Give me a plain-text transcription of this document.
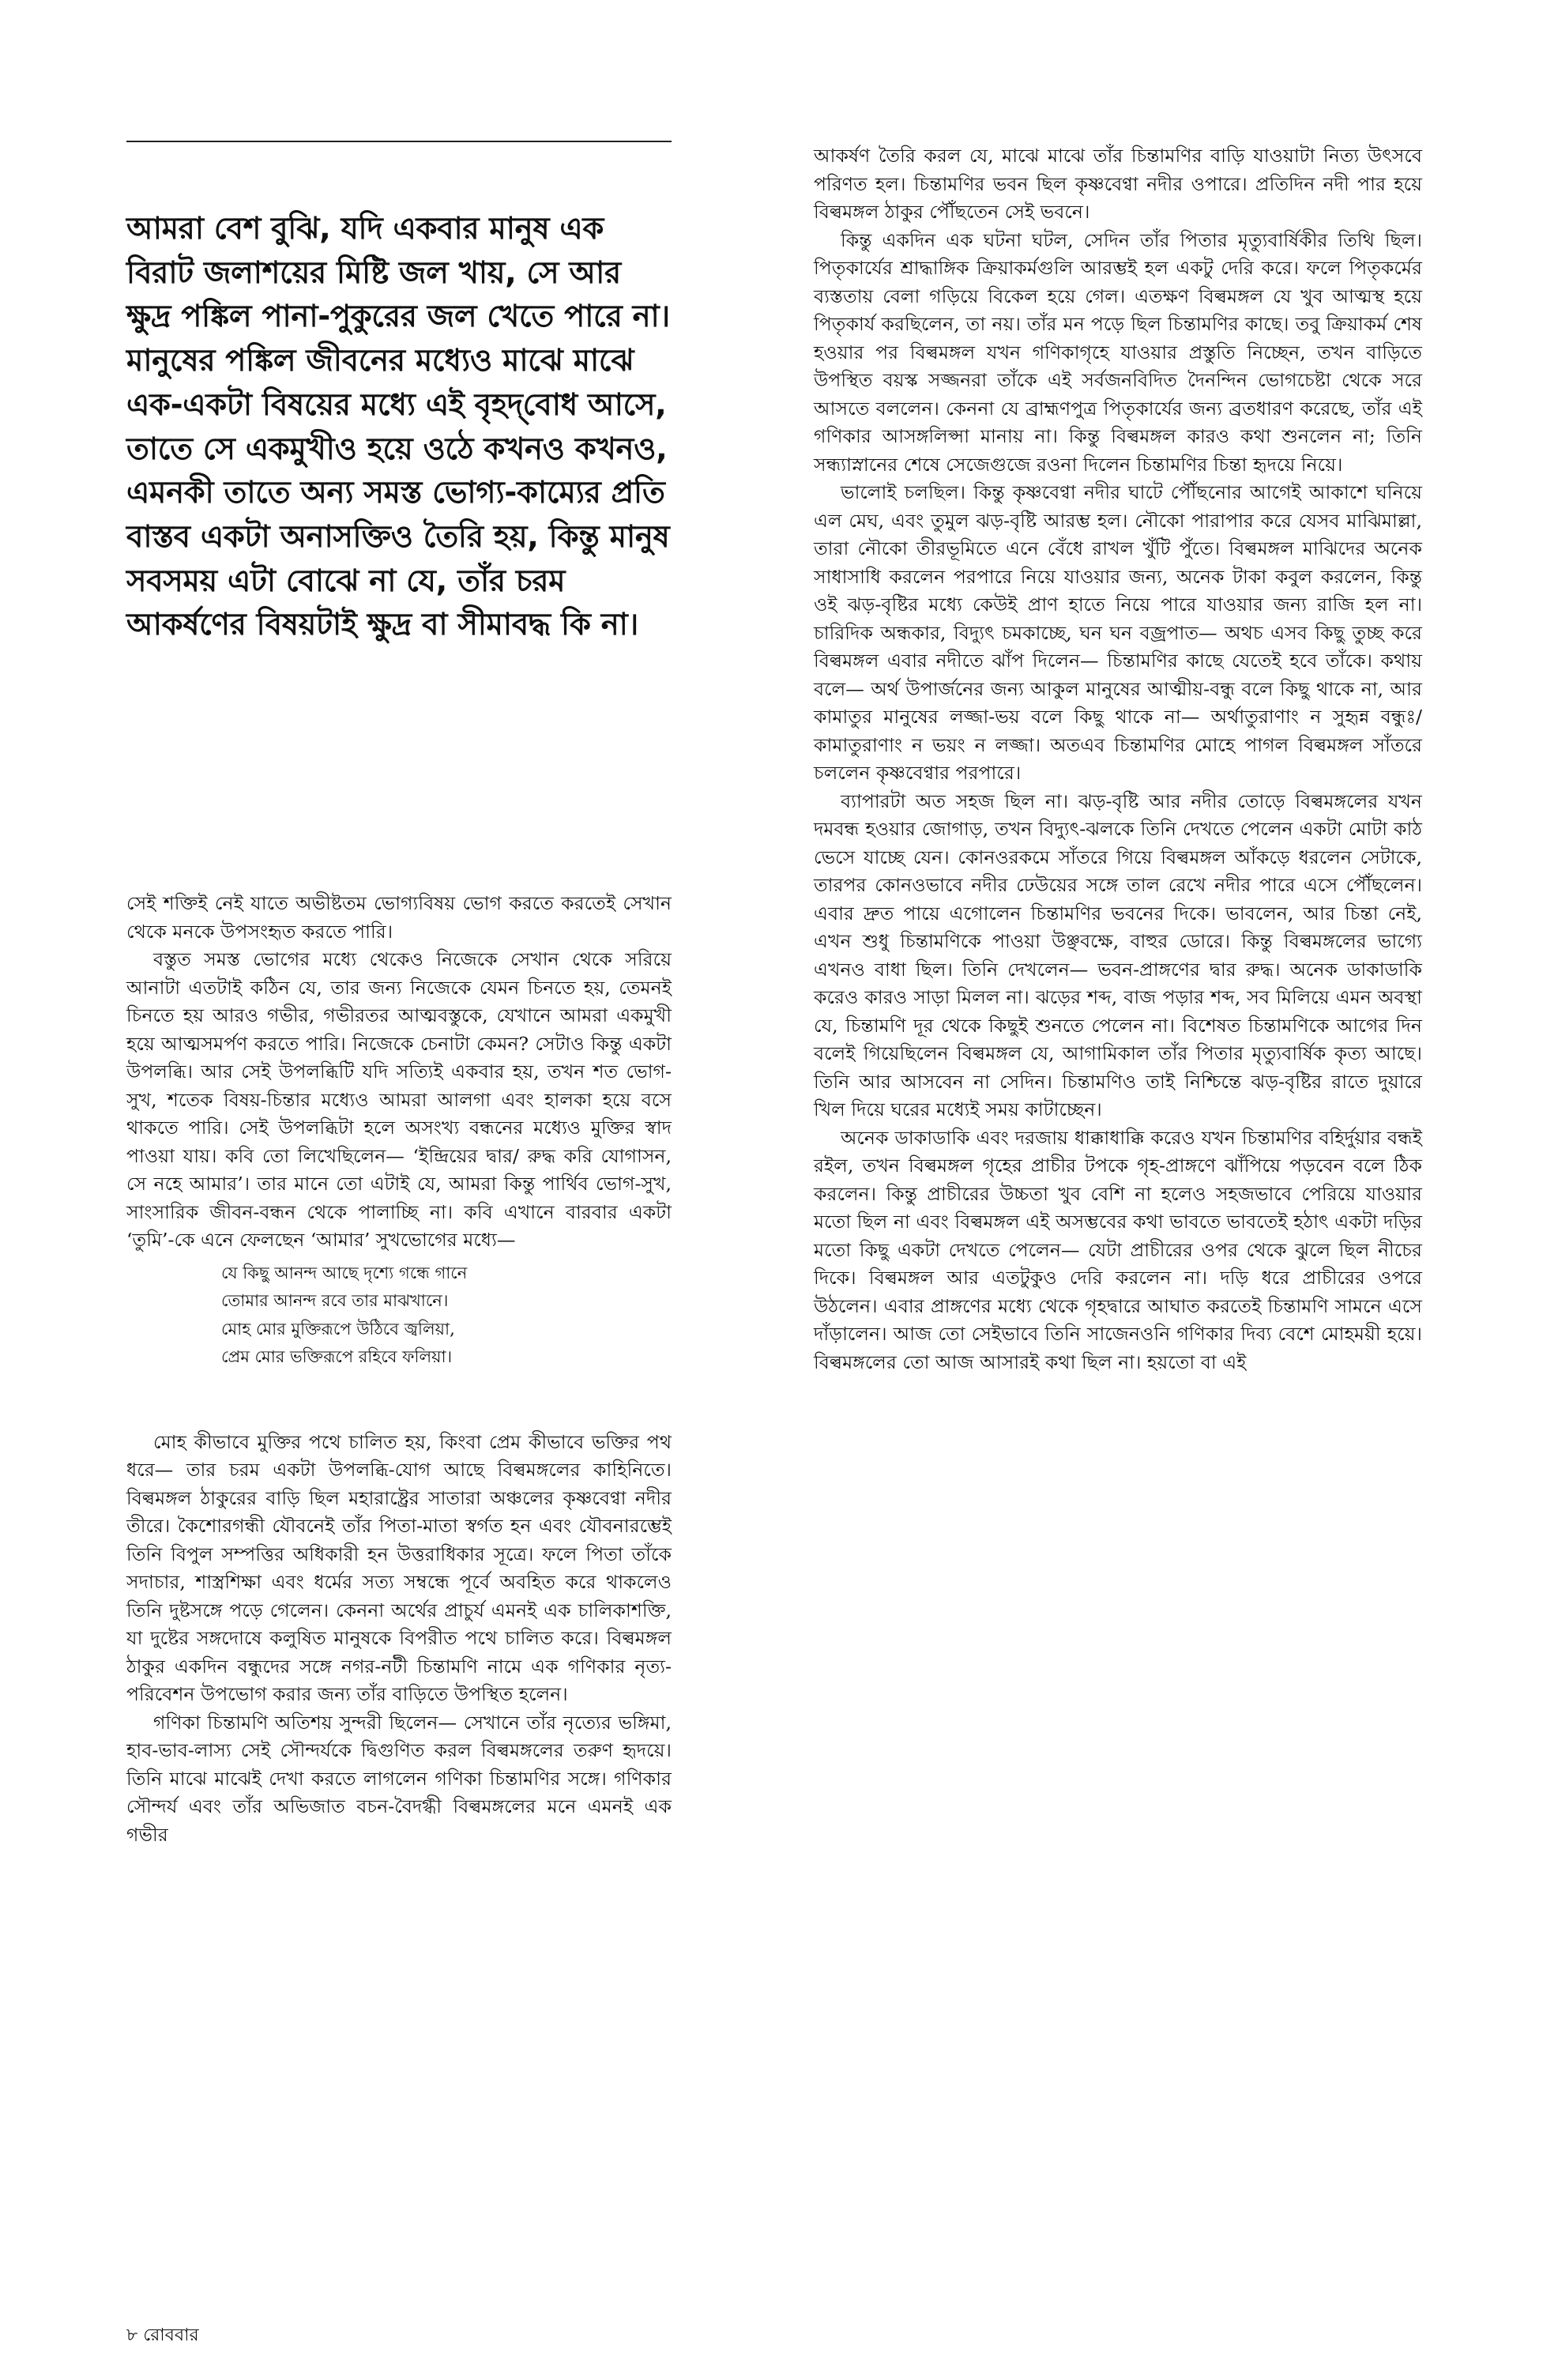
আমরা বেশ বুঝি, যদি একবার মানুষ এক বিরাট জলাশয়ের মিষ্টি জল খায়, সে আর ক্ষুদ্র পঙ্কিল পানা-পুকুরের জল খেতে পারে না। মানুষের পঙ্কিল জীবনের মধ্যেও মাঝে মাঝে এক-একটা বিষয়ের মধ্যে এই বৃহদ্‌বোধ আসে, তাতে সে একমুখীও হয়ে ওঠে কখনও কখনও, এমনকী তাতে অন্য সমস্ত ভোগ্য-কাম্যের প্রতি বাস্তব একটা অনাসক্তিও তৈরি হয়, কিন্তু মানুষ সবসময় এটা বোঝে না যে, তাঁর চরম আকর্ষণের বিষয়টাই ক্ষুদ্র বা সীমাবদ্ধ কি না।

সেই শক্তিই নেই যাতে অভীষ্টতম ভোগ্যবিষয় ভোগ করতে করতেই সেখান থেকে মনকে উপসংহৃত করতে পারি।

বস্তুত সমস্ত ভোগের মধ্যে থেকেও নিজেকে সেখান থেকে সরিয়ে আনাটা এতটাই কঠিন যে, তার জন্য নিজেকে যেমন চিনতে হয়, তেমনই চিনতে হয় আরও গভীর, গভীরতর আত্মবস্তুকে, যেখানে আমরা একমুখী হয়ে আত্মসমর্পণ করতে পারি। নিজেকে চেনাটা কেমন? সেটাও কিন্তু একটা উপলব্ধি। আর সেই উপলব্ধিটি যদি সত্যিই একবার হয়, তখন শত ভোগ-সুখ, শতেক বিষয়-চিন্তার মধ্যেও আমরা আলগা এবং হালকা হয়ে বসে থাকতে পারি। সেই উপলব্ধিটা হলে অসংখ্য বন্ধনের মধ্যেও মুক্তির স্বাদ পাওয়া যায়। কবি তো লিখেছিলেন— ‘ইন্দ্রিয়ের দ্বার/ রুদ্ধ করি যোগাসন, সে নহে আমার’। তার মানে তো এটাই যে, আমরা কিন্তু পার্থিব ভোগ-সুখ, সাংসারিক জীবন-বন্ধন থেকে পালাচ্ছি না। কবি এখানে বারবার একটা ‘তুমি’-কে এনে ফেলছেন ‘আমার’ সুখভোগের মধ্যে—

যে কিছু আনন্দ আছে দৃশ্যে গন্ধে গানে
তোমার আনন্দ রবে তার মাঝখানে।
মোহ মোর মুক্তিরূপে উঠিবে জ্বলিয়া,
প্রেম মোর ভক্তিরূপে রহিবে ফলিয়া।

মোহ কীভাবে মুক্তির পথে চালিত হয়, কিংবা প্রেম কীভাবে ভক্তির পথ ধরে— তার চরম একটা উপলব্ধি-যোগ আছে বিল্বমঙ্গলের কাহিনিতে। বিল্বমঙ্গল ঠাকুরের বাড়ি ছিল মহারাষ্ট্রের সাতারা অঞ্চলের কৃষ্ণবেণ্বা নদীর তীরে। কৈশোরগন্ধী যৌবনেই তাঁর পিতা-মাতা স্বর্গত হন এবং যৌবনারম্ভেই তিনি বিপুল সম্পত্তির অধিকারী হন উত্তরাধিকার সূত্রে। ফলে পিতা তাঁকে সদাচার, শাস্ত্রশিক্ষা এবং ধর্মের সত্য সম্বন্ধে পূর্বে অবহিত করে থাকলেও তিনি দুষ্টসঙ্গে পড়ে গেলেন। কেননা অর্থের প্রাচুর্য এমনই এক চালিকাশক্তি, যা দুষ্টের সঙ্গদোষে কলুষিত মানুষকে বিপরীত পথে চালিত করে। বিল্বমঙ্গল ঠাকুর একদিন বন্ধুদের সঙ্গে নগর-নটী চিন্তামণি নামে এক গণিকার নৃত্য-পরিবেশন উপভোগ করার জন্য তাঁর বাড়িতে উপস্থিত হলেন।

গণিকা চিন্তামণি অতিশয় সুন্দরী ছিলেন— সেখানে তাঁর নৃত্যের ভঙ্গিমা, হাব-ভাব-লাস্য সেই সৌন্দর্যকে দ্বিগুণিত করল বিল্বমঙ্গলের তরুণ হৃদয়ে। তিনি মাঝে মাঝেই দেখা করতে লাগলেন গণিকা চিন্তামণির সঙ্গে। গণিকার সৌন্দর্য এবং তাঁর অভিজাত বচন-বৈদগ্ধী বিল্বমঙ্গলের মনে এমনই এক গভীর

আকর্ষণ তৈরি করল যে, মাঝে মাঝে তাঁর চিন্তামণির বাড়ি যাওয়াটা নিত্য উৎসবে পরিণত হল। চিন্তামণির ভবন ছিল কৃষ্ণবেণ্বা নদীর ওপারে। প্রতিদিন নদী পার হয়ে বিল্বমঙ্গল ঠাকুর পৌঁছতেন সেই ভবনে।

কিন্তু একদিন এক ঘটনা ঘটল, সেদিন তাঁর পিতার মৃত্যুবার্ষিকীর তিথি ছিল। পিতৃকার্যের শ্রাদ্ধাঙ্গিক ক্রিয়াকর্মগুলি আরম্ভই হল একটু দেরি করে। ফলে পিতৃকর্মের ব্যস্ততায় বেলা গড়িয়ে বিকেল হয়ে গেল। এতক্ষণ বিল্বমঙ্গল যে খুব আত্মস্থ হয়ে পিতৃকার্য করছিলেন, তা নয়। তাঁর মন পড়ে ছিল চিন্তামণির কাছে। তবু ক্রিয়াকর্ম শেষ হওয়ার পর বিল্বমঙ্গল যখন গণিকাগৃহে যাওয়ার প্রস্তুতি নিচ্ছেন, তখন বাড়িতে উপস্থিত বয়স্ক সজ্জনরা তাঁকে এই সর্বজনবিদিত দৈনন্দিন ভোগচেষ্টা থেকে সরে আসতে বললেন। কেননা যে ব্রাহ্মণপুত্র পিতৃকার্যের জন্য ব্রতধারণ করেছে, তাঁর এই গণিকার আসঙ্গলিপ্সা মানায় না। কিন্তু বিল্বমঙ্গল কারও কথা শুনলেন না; তিনি সন্ধ্যাস্নানের শেষে সেজেগুজে রওনা দিলেন চিন্তামণির চিন্তা হৃদয়ে নিয়ে।

ভালোই চলছিল। কিন্তু কৃষ্ণবেণ্বা নদীর ঘাটে পৌঁছনোর আগেই আকাশে ঘনিয়ে এল মেঘ, এবং তুমুল ঝড়-বৃষ্টি আরম্ভ হল। নৌকো পারাপার করে যেসব মাঝিমাল্লা, তারা নৌকো তীরভূমিতে এনে বেঁধে রাখল খুঁটি পুঁতে। বিল্বমঙ্গল মাঝিদের অনেক সাধাসাধি করলেন পরপারে নিয়ে যাওয়ার জন্য, অনেক টাকা কবুল করলেন, কিন্তু ওই ঝড়-বৃষ্টির মধ্যে কেউই প্রাণ হাতে নিয়ে পারে যাওয়ার জন্য রাজি হল না। চারিদিক অন্ধকার, বিদ্যুৎ চমকাচ্ছে, ঘন ঘন বজ্রপাত— অথচ এসব কিছু তুচ্ছ করে বিল্বমঙ্গল এবার নদীতে ঝাঁপ দিলেন— চিন্তামণির কাছে যেতেই হবে তাঁকে। কথায় বলে— অর্থ উপার্জনের জন্য আকুল মানুষের আত্মীয়-বন্ধু বলে কিছু থাকে না, আর কামাতুর মানুষের লজ্জা-ভয় বলে কিছু থাকে না— অর্থাতুরাণাং ন সুহৃন্ন বন্ধুঃ/ কামাতুরাণাং ন ভয়ং ন লজ্জা। অতএব চিন্তামণির মোহে পাগল বিল্বমঙ্গল সাঁতরে চললেন কৃষ্ণবেণ্বার পরপারে।

ব্যাপারটা অত সহজ ছিল না। ঝড়-বৃষ্টি আর নদীর তোড়ে বিল্বমঙ্গলের যখন দমবন্ধ হওয়ার জোগাড়, তখন বিদ্যুৎ-ঝলকে তিনি দেখতে পেলেন একটা মোটা কাঠ ভেসে যাচ্ছে যেন। কোনওরকমে সাঁতরে গিয়ে বিল্বমঙ্গল আঁকড়ে ধরলেন সেটাকে, তারপর কোনওভাবে নদীর ঢেউয়ের সঙ্গে তাল রেখে নদীর পারে এসে পৌঁছলেন। এবার দ্রুত পায়ে এগোলেন চিন্তামণির ভবনের দিকে। ভাবলেন, আর চিন্তা নেই, এখন শুধু চিন্তামণিকে পাওয়া উঞ্ছবক্ষে, বাহুর ডোরে। কিন্তু বিল্বমঙ্গলের ভাগ্যে এখনও বাধা ছিল। তিনি দেখলেন— ভবন-প্রাঙ্গণের দ্বার রুদ্ধ। অনেক ডাকাডাকি করেও কারও সাড়া মিলল না। ঝড়ের শব্দ, বাজ পড়ার শব্দ, সব মিলিয়ে এমন অবস্থা যে, চিন্তামণি দূর থেকে কিছুই শুনতে পেলেন না। বিশেষত চিন্তামণিকে আগের দিন বলেই গিয়েছিলেন বিল্বমঙ্গল যে, আগামিকাল তাঁর পিতার মৃত্যুবার্ষিক কৃত্য আছে। তিনি আর আসবেন না সেদিন। চিন্তামণিও তাই নিশ্চিন্তে ঝড়-বৃষ্টির রাতে দুয়ারে খিল দিয়ে ঘরের মধ্যেই সময় কাটাচ্ছেন।

অনেক ডাকাডাকি এবং দরজায় ধাক্কাধাক্কি করেও যখন চিন্তামণির বহির্দুয়ার বন্ধই রইল, তখন বিল্বমঙ্গল গৃহের প্রাচীর টপকে গৃহ-প্রাঙ্গণে ঝাঁপিয়ে পড়বেন বলে ঠিক করলেন। কিন্তু প্রাচীরের উচ্চতা খুব বেশি না হলেও সহজভাবে পেরিয়ে যাওয়ার মতো ছিল না এবং বিল্বমঙ্গল এই অসম্ভবের কথা ভাবতে ভাবতেই হঠাৎ একটা দড়ির মতো কিছু একটা দেখতে পেলেন— যেটা প্রাচীরের ওপর থেকে ঝুলে ছিল নীচের দিকে। বিল্বমঙ্গল আর এতটুকুও দেরি করলেন না। দড়ি ধরে প্রাচীরের ওপরে উঠলেন। এবার প্রাঙ্গণের মধ্যে থেকে গৃহদ্বারে আঘাত করতেই চিন্তামণি সামনে এসে দাঁড়ালেন। আজ তো সেইভাবে তিনি সাজেনওনি গণিকার দিব্য বেশে মোহময়ী হয়ে। বিল্বমঙ্গলের তো আজ আসারই কথা ছিল না। হয়তো বা এই

৮ রোববার
